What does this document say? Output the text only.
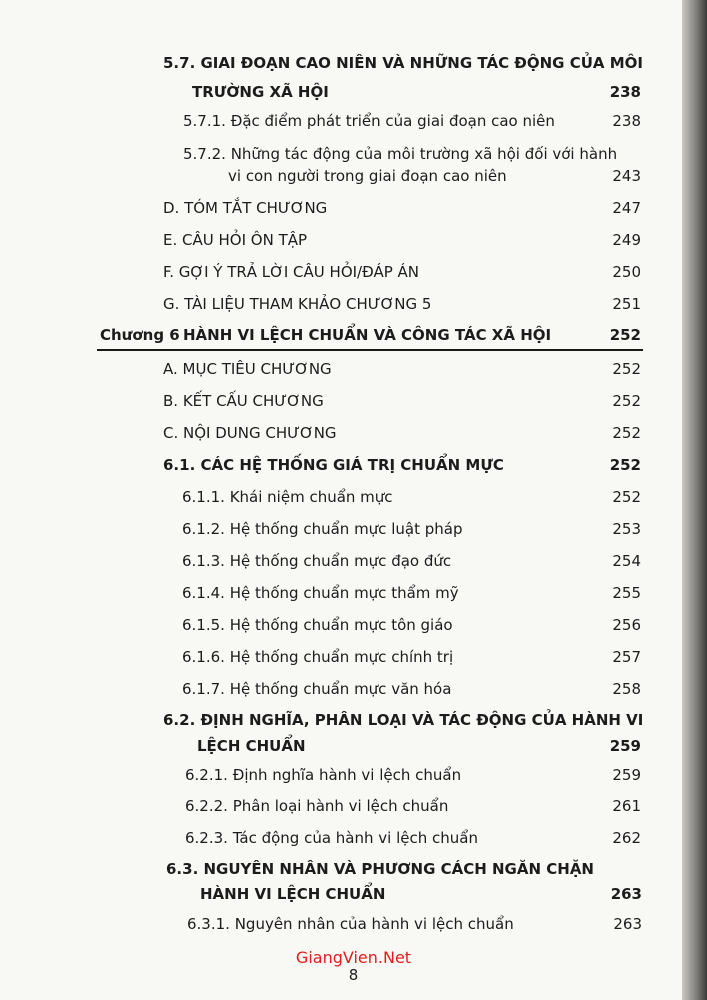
5.7. GIAI ĐOẠN CAO NIÊN VÀ NHỮNG TÁC ĐỘNG CỦA MÔI
TRƯỜNG XÃ HỘI	238
5.7.1. Đặc điểm phát triển của giai đoạn cao niên	238
5.7.2. Những tác động của môi trường xã hội đối với hành
vi con người trong giai đoạn cao niên	243
D. TÓM TẮT CHƯƠNG	247
E. CÂU HỎI ÔN TẬP	249
F. GỢI Ý TRẢ LỜI CÂU HỎI/ĐÁP ÁN	250
G. TÀI LIỆU THAM KHẢO CHƯƠNG 5	251
Chương 6 HÀNH VI LỆCH CHUẨN VÀ CÔNG TÁC XÃ HỘI	252
A. MỤC TIÊU CHƯƠNG	252
B. KẾT CẤU CHƯƠNG	252
C. NỘI DUNG CHƯƠNG	252
6.1. CÁC HỆ THỐNG GIÁ TRỊ CHUẨN MỰC	252
6.1.1. Khái niệm chuẩn mực	252
6.1.2. Hệ thống chuẩn mực luật pháp	253
6.1.3. Hệ thống chuẩn mực đạo đức	254
6.1.4. Hệ thống chuẩn mực thẩm mỹ	255
6.1.5. Hệ thống chuẩn mực tôn giáo	256
6.1.6. Hệ thống chuẩn mực chính trị	257
6.1.7. Hệ thống chuẩn mực văn hóa	258
6.2. ĐỊNH NGHĨA, PHÂN LOẠI VÀ TÁC ĐỘNG CỦA HÀNH VI
LỆCH CHUẨN	259
6.2.1. Định nghĩa hành vi lệch chuẩn	259
6.2.2. Phân loại hành vi lệch chuẩn	261
6.2.3. Tác động của hành vi lệch chuẩn	262
6.3. NGUYÊN NHÂN VÀ PHƯƠNG CÁCH NGĂN CHẶN
HÀNH VI LỆCH CHUẨN	263
6.3.1. Nguyên nhân của hành vi lệch chuẩn	263
GiangVien.Net
8
